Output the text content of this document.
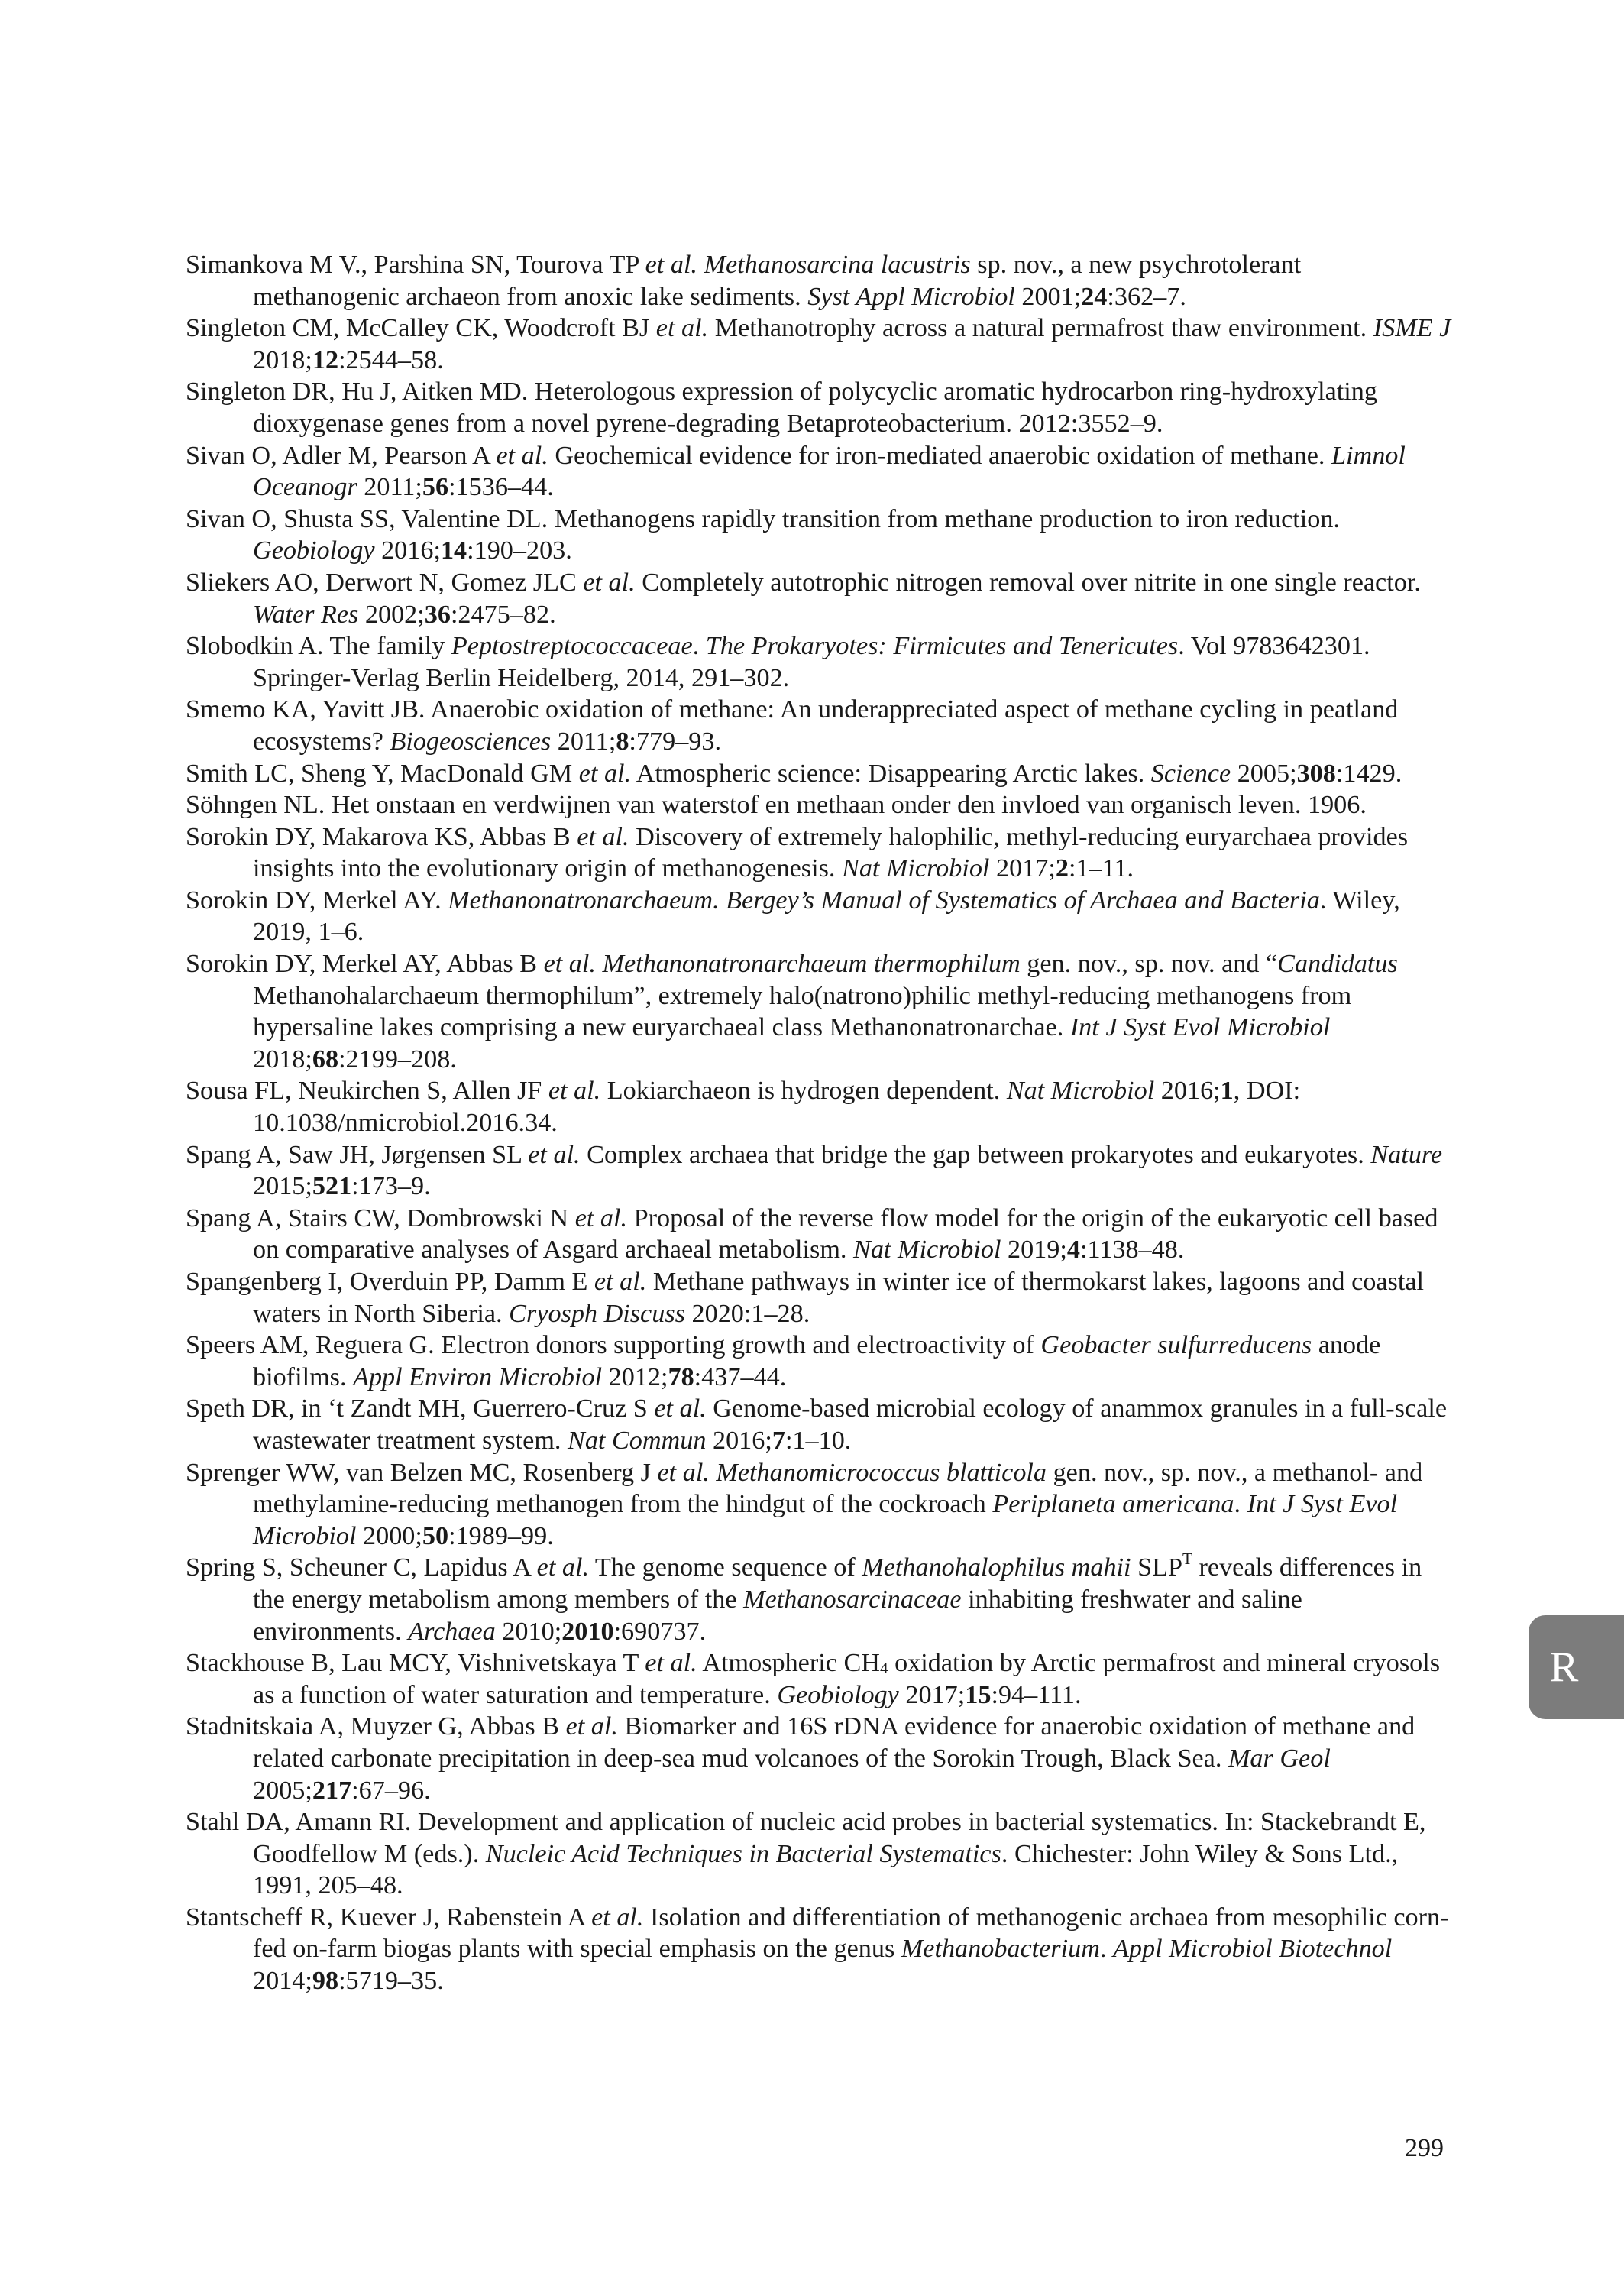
Simankova M V., Parshina SN, Tourova TP et al. Methanosarcina lacustris sp. nov., a new psychrotolerant methanogenic archaeon from anoxic lake sediments. Syst Appl Microbiol 2001;24:362–7.
Singleton CM, McCalley CK, Woodcroft BJ et al. Methanotrophy across a natural permafrost thaw environment. ISME J 2018;12:2544–58.
Singleton DR, Hu J, Aitken MD. Heterologous expression of polycyclic aromatic hydrocarbon ring-hydroxylating dioxygenase genes from a novel pyrene-degrading Betaproteobacterium. 2012:3552–9.
Sivan O, Adler M, Pearson A et al. Geochemical evidence for iron-mediated anaerobic oxidation of methane. Limnol Oceanogr 2011;56:1536–44.
Sivan O, Shusta SS, Valentine DL. Methanogens rapidly transition from methane production to iron reduction. Geobiology 2016;14:190–203.
Sliekers AO, Derwort N, Gomez JLC et al. Completely autotrophic nitrogen removal over nitrite in one single reactor. Water Res 2002;36:2475–82.
Slobodkin A. The family Peptostreptococcaceae. The Prokaryotes: Firmicutes and Tenericutes. Vol 9783642301. Springer-Verlag Berlin Heidelberg, 2014, 291–302.
Smemo KA, Yavitt JB. Anaerobic oxidation of methane: An underappreciated aspect of methane cycling in peatland ecosystems? Biogeosciences 2011;8:779–93.
Smith LC, Sheng Y, MacDonald GM et al. Atmospheric science: Disappearing Arctic lakes. Science 2005;308:1429.
Söhngen NL. Het onstaan en verdwijnen van waterstof en methaan onder den invloed van organisch leven. 1906.
Sorokin DY, Makarova KS, Abbas B et al. Discovery of extremely halophilic, methyl-reducing euryarchaea provides insights into the evolutionary origin of methanogenesis. Nat Microbiol 2017;2:1–11.
Sorokin DY, Merkel AY. Methanonatronarchaeum. Bergey’s Manual of Systematics of Archaea and Bacteria. Wiley, 2019, 1–6.
Sorokin DY, Merkel AY, Abbas B et al. Methanonatronarchaeum thermophilum gen. nov., sp. nov. and “Candidatus Methanohalarchaeum thermophilum”, extremely halo(natrono)philic methyl-reducing methanogens from hypersaline lakes comprising a new euryarchaeal class Methanonatronarchae. Int J Syst Evol Microbiol 2018;68:2199–208.
Sousa FL, Neukirchen S, Allen JF et al. Lokiarchaeon is hydrogen dependent. Nat Microbiol 2016;1, DOI: 10.1038/nmicrobiol.2016.34.
Spang A, Saw JH, Jørgensen SL et al. Complex archaea that bridge the gap between prokaryotes and eukaryotes. Nature 2015;521:173–9.
Spang A, Stairs CW, Dombrowski N et al. Proposal of the reverse flow model for the origin of the eukaryotic cell based on comparative analyses of Asgard archaeal metabolism. Nat Microbiol 2019;4:1138–48.
Spangenberg I, Overduin PP, Damm E et al. Methane pathways in winter ice of thermokarst lakes, lagoons and coastal waters in North Siberia. Cryosph Discuss 2020:1–28.
Speers AM, Reguera G. Electron donors supporting growth and electroactivity of Geobacter sulfurreducens anode biofilms. Appl Environ Microbiol 2012;78:437–44.
Speth DR, in ‘t Zandt MH, Guerrero-Cruz S et al. Genome-based microbial ecology of anammox granules in a full-scale wastewater treatment system. Nat Commun 2016;7:1–10.
Sprenger WW, van Belzen MC, Rosenberg J et al. Methanomicrococcus blatticola gen. nov., sp. nov., a methanol- and methylamine-reducing methanogen from the hindgut of the cockroach Periplaneta americana. Int J Syst Evol Microbiol 2000;50:1989–99.
Spring S, Scheuner C, Lapidus A et al. The genome sequence of Methanohalophilus mahii $SLP^T$ reveals differences in the energy metabolism among members of the Methanosarcinaceae inhabiting freshwater and saline environments. Archaea 2010;2010:690737.
Stackhouse B, Lau MCY, Vishnivetskaya T et al. Atmospheric $CH_4$ oxidation by Arctic permafrost and mineral cryosols as a function of water saturation and temperature. Geobiology 2017;15:94–111.
Stadnitskaia A, Muyzer G, Abbas B et al. Biomarker and 16S rDNA evidence for anaerobic oxidation of methane and related carbonate precipitation in deep-sea mud volcanoes of the Sorokin Trough, Black Sea. Mar Geol 2005;217:67–96.
Stahl DA, Amann RI. Development and application of nucleic acid probes in bacterial systematics. In: Stackebrandt E, Goodfellow M (eds.). Nucleic Acid Techniques in Bacterial Systematics. Chichester: John Wiley & Sons Ltd., 1991, 205–48.
Stantscheff R, Kuever J, Rabenstein A et al. Isolation and differentiation of methanogenic archaea from mesophilic corn-fed on-farm biogas plants with special emphasis on the genus Methanobacterium. Appl Microbiol Biotechnol 2014;98:5719–35.
R
299
